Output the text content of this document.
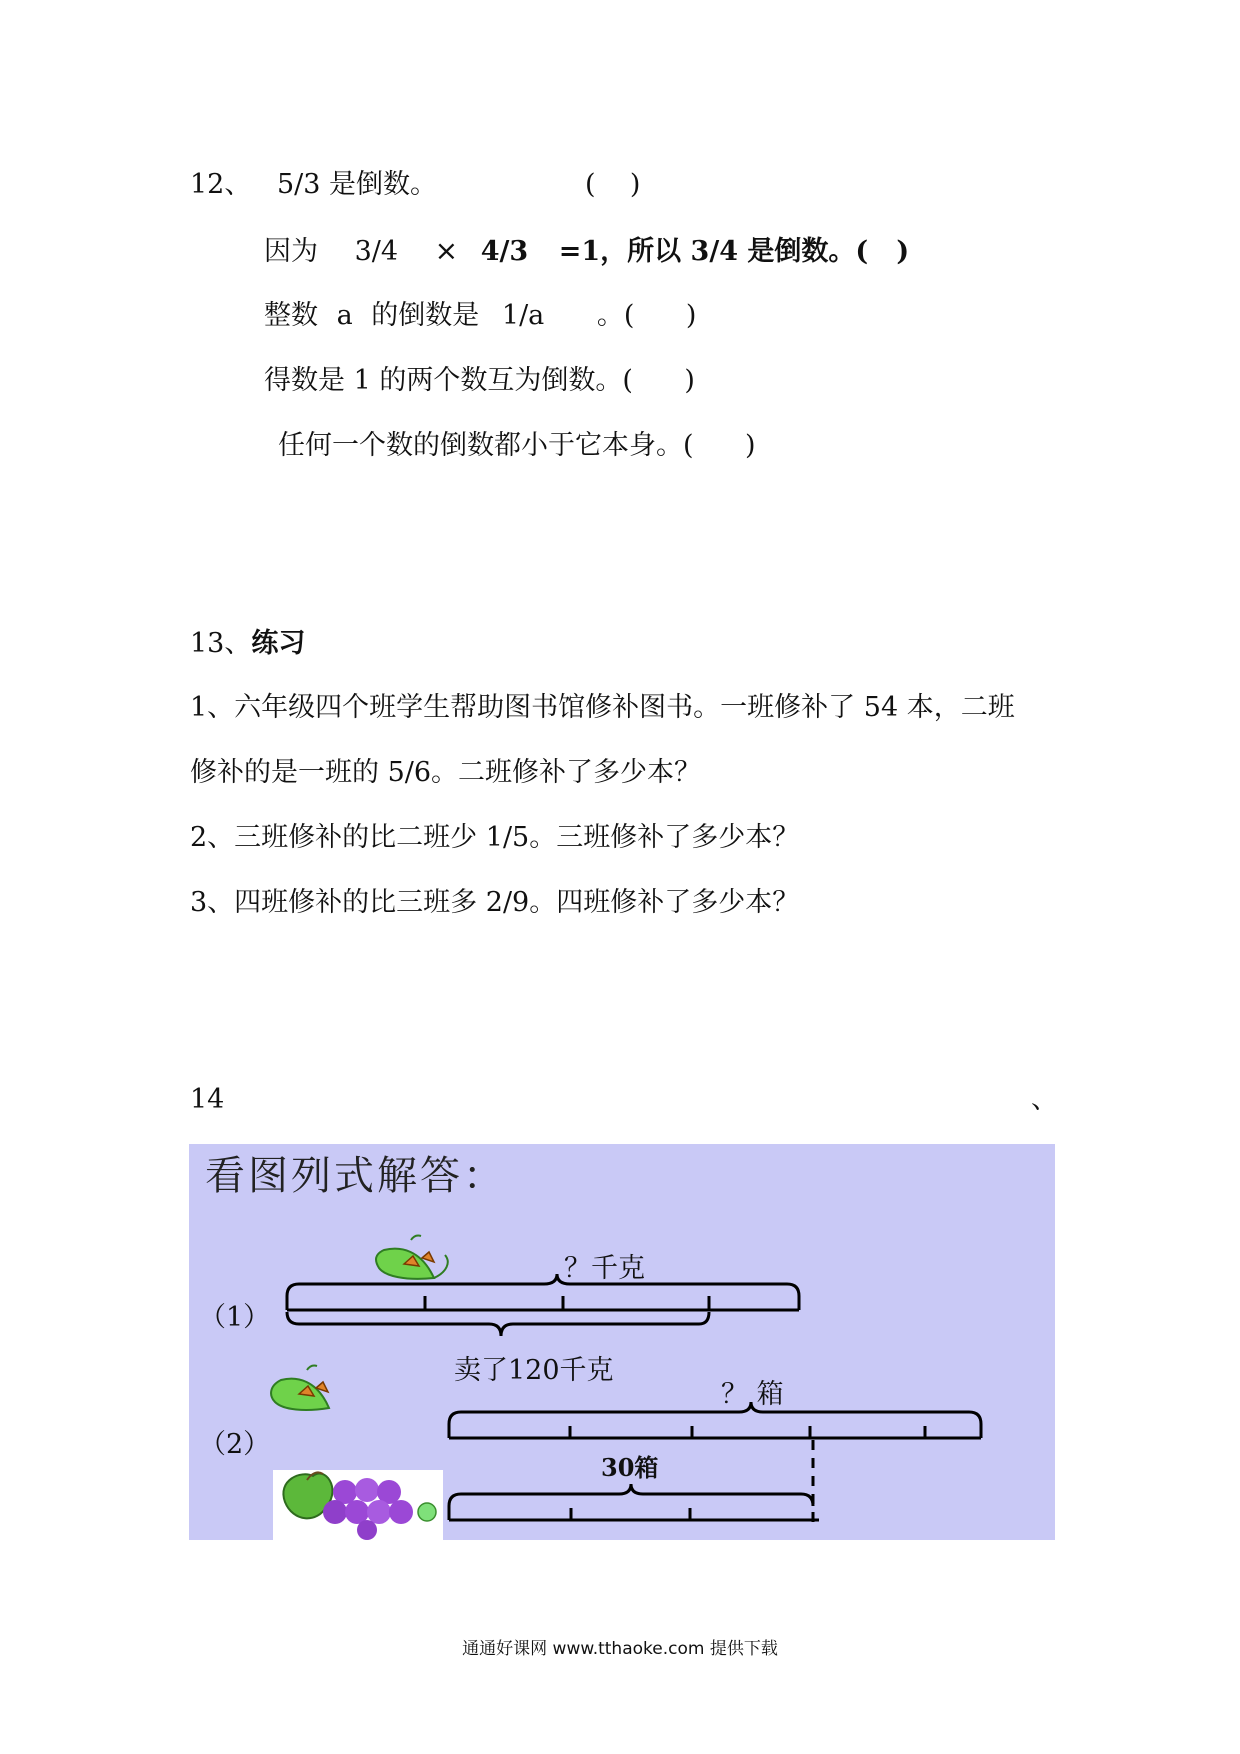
12、 5/3 是倒数。	(    )
因为 3/4 × 4/3 =1，所以 3/4 是倒数。(   )
整数 a 的倒数是 1/a 。(      )
得数是 1 的两个数互为倒数。(      )
任何一个数的倒数都小于它本身。(      )
13、练习
1、六年级四个班学生帮助图书馆修补图书。一班修补了 54 本，二班
修补的是一班的 5/6。二班修补了多少本？
2、三班修补的比二班少 1/5。三班修补了多少本？
3、四班修补的比三班多 2/9。四班修补了多少本？
14	、
看图列式解答：
（1）
？千克
卖了120千克
（2）
？ 箱
30箱
通通好课网 www.tthaoke.com 提供下载
